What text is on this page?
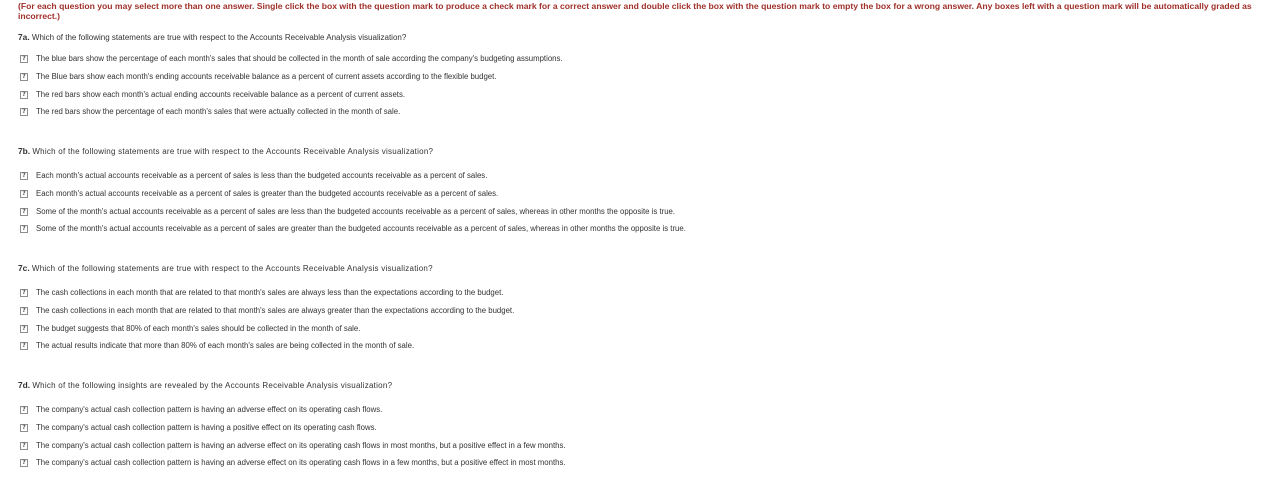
(For each question you may select more than one answer. Single click the box with the question mark to produce a check mark for a correct answer and double click the box with the question mark to empty the box for a wrong answer. Any boxes left with a question mark will be automatically graded as incorrect.)
7a. Which of the following statements are true with respect to the Accounts Receivable Analysis visualization?
? The blue bars show the percentage of each month's sales that should be collected in the month of sale according the company's budgeting assumptions.
? The Blue bars show each month's ending accounts receivable balance as a percent of current assets according to the flexible budget.
? The red bars show each month's actual ending accounts receivable balance as a percent of current assets.
? The red bars show the percentage of each month's sales that were actually collected in the month of sale.
7b. Which of the following statements are true with respect to the Accounts Receivable Analysis visualization?
? Each month's actual accounts receivable as a percent of sales is less than the budgeted accounts receivable as a percent of sales.
? Each month's actual accounts receivable as a percent of sales is greater than the budgeted accounts receivable as a percent of sales.
? Some of the month's actual accounts receivable as a percent of sales are less than the budgeted accounts receivable as a percent of sales, whereas in other months the opposite is true.
? Some of the month's actual accounts receivable as a percent of sales are greater than the budgeted accounts receivable as a percent of sales, whereas in other months the opposite is true.
7c. Which of the following statements are true with respect to the Accounts Receivable Analysis visualization?
? The cash collections in each month that are related to that month's sales are always less than the expectations according to the budget.
? The cash collections in each month that are related to that month's sales are always greater than the expectations according to the budget.
? The budget suggests that 80% of each month's sales should be collected in the month of sale.
? The actual results indicate that more than 80% of each month's sales are being collected in the month of sale.
7d. Which of the following insights are revealed by the Accounts Receivable Analysis visualization?
? The company's actual cash collection pattern is having an adverse effect on its operating cash flows.
? The company's actual cash collection pattern is having a positive effect on its operating cash flows.
? The company's actual cash collection pattern is having an adverse effect on its operating cash flows in most months, but a positive effect in a few months.
? The company's actual cash collection pattern is having an adverse effect on its operating cash flows in a few months, but a positive effect in most months.
